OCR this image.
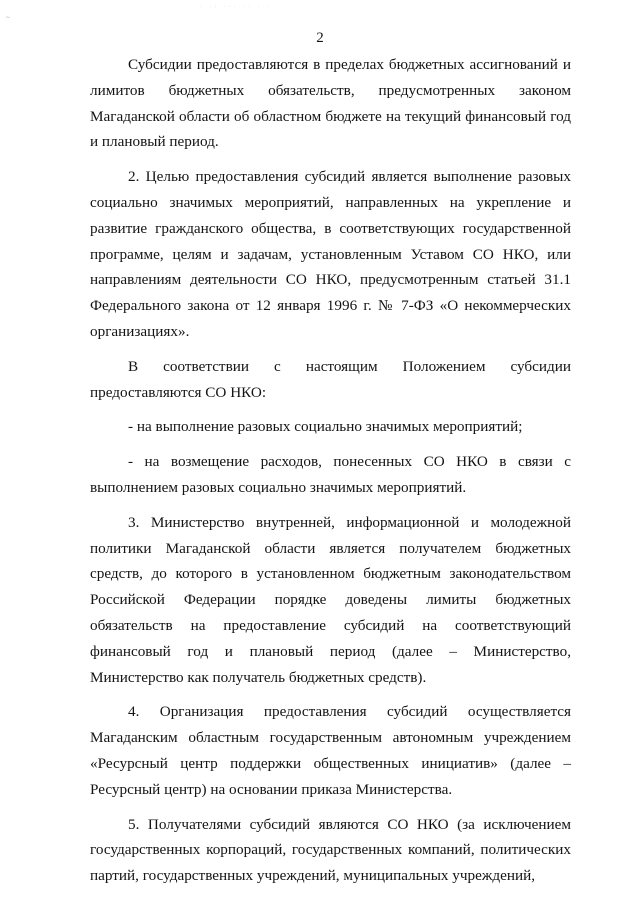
· ·: ··· ·· · ·
~
2

Субсидии предоставляются в пределах бюджетных ассигнований и лимитов бюджетных обязательств, предусмотренных законом Магаданской области об областном бюджете на текущий финансовый год и плановый период.

2. Целью предоставления субсидий является выполнение разовых социально значимых мероприятий, направленных на укрепление и развитие гражданского общества, в соответствующих государственной программе, целям и задачам, установленным Уставом СО НКО, или направлениям деятельности СО НКО, предусмотренным статьей 31.1 Федерального закона от 12 января 1996 г. № 7-ФЗ «О некоммерческих организациях».

В соответствии с настоящим Положением субсидии предоставляются СО НКО:

- на выполнение разовых социально значимых мероприятий;

- на возмещение расходов, понесенных СО НКО в связи с выполнением разовых социально значимых мероприятий.

3. Министерство внутренней, информационной и молодежной политики Магаданской области является получателем бюджетных средств, до которого в установленном бюджетным законодательством Российской Федерации порядке доведены лимиты бюджетных обязательств на предоставление субсидий на соответствующий финансовый год и плановый период (далее – Министерство, Министерство как получатель бюджетных средств).

4. Организация предоставления субсидий осуществляется Магаданским областным государственным автономным учреждением «Ресурсный центр поддержки общественных инициатив» (далее – Ресурсный центр) на основании приказа Министерства.

5. Получателями субсидий являются СО НКО (за исключением государственных корпораций, государственных компаний, политических партий, государственных учреждений, муниципальных учреждений,
